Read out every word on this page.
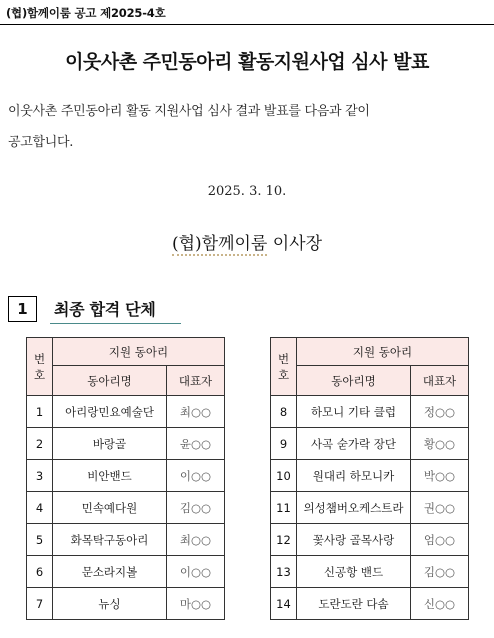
(협)함께이룸 공고 제2025-4호
이웃사촌 주민동아리 활동지원사업 심사 발표
이웃사촌 주민동아리 활동 지원사업 심사 결과 발표를 다음과 같이
공고합니다.
2025. 3. 10.
(협)함께이룸 이사장
1	최종 합격 단체
번호	지원 동아리	
	동아리명	대표자
1	아리랑민요예술단	최○○
2	바랑골	윤○○
3	비안밴드	이○○
4	민속예다원	김○○
5	화목탁구동아리	최○○
6	문소라지볼	이○○
7	뉴싱	마○○
번호	지원 동아리	
	동아리명	대표자
8	하모니 기타 클럽	정○○
9	사곡 숟가락 장단	황○○
10	원대리 하모니카	박○○
11	의성챔버오케스트라	권○○
12	꽃사랑 골목사랑	엄○○
13	신공항 밴드	김○○
14	도란도란 다솜	신○○
